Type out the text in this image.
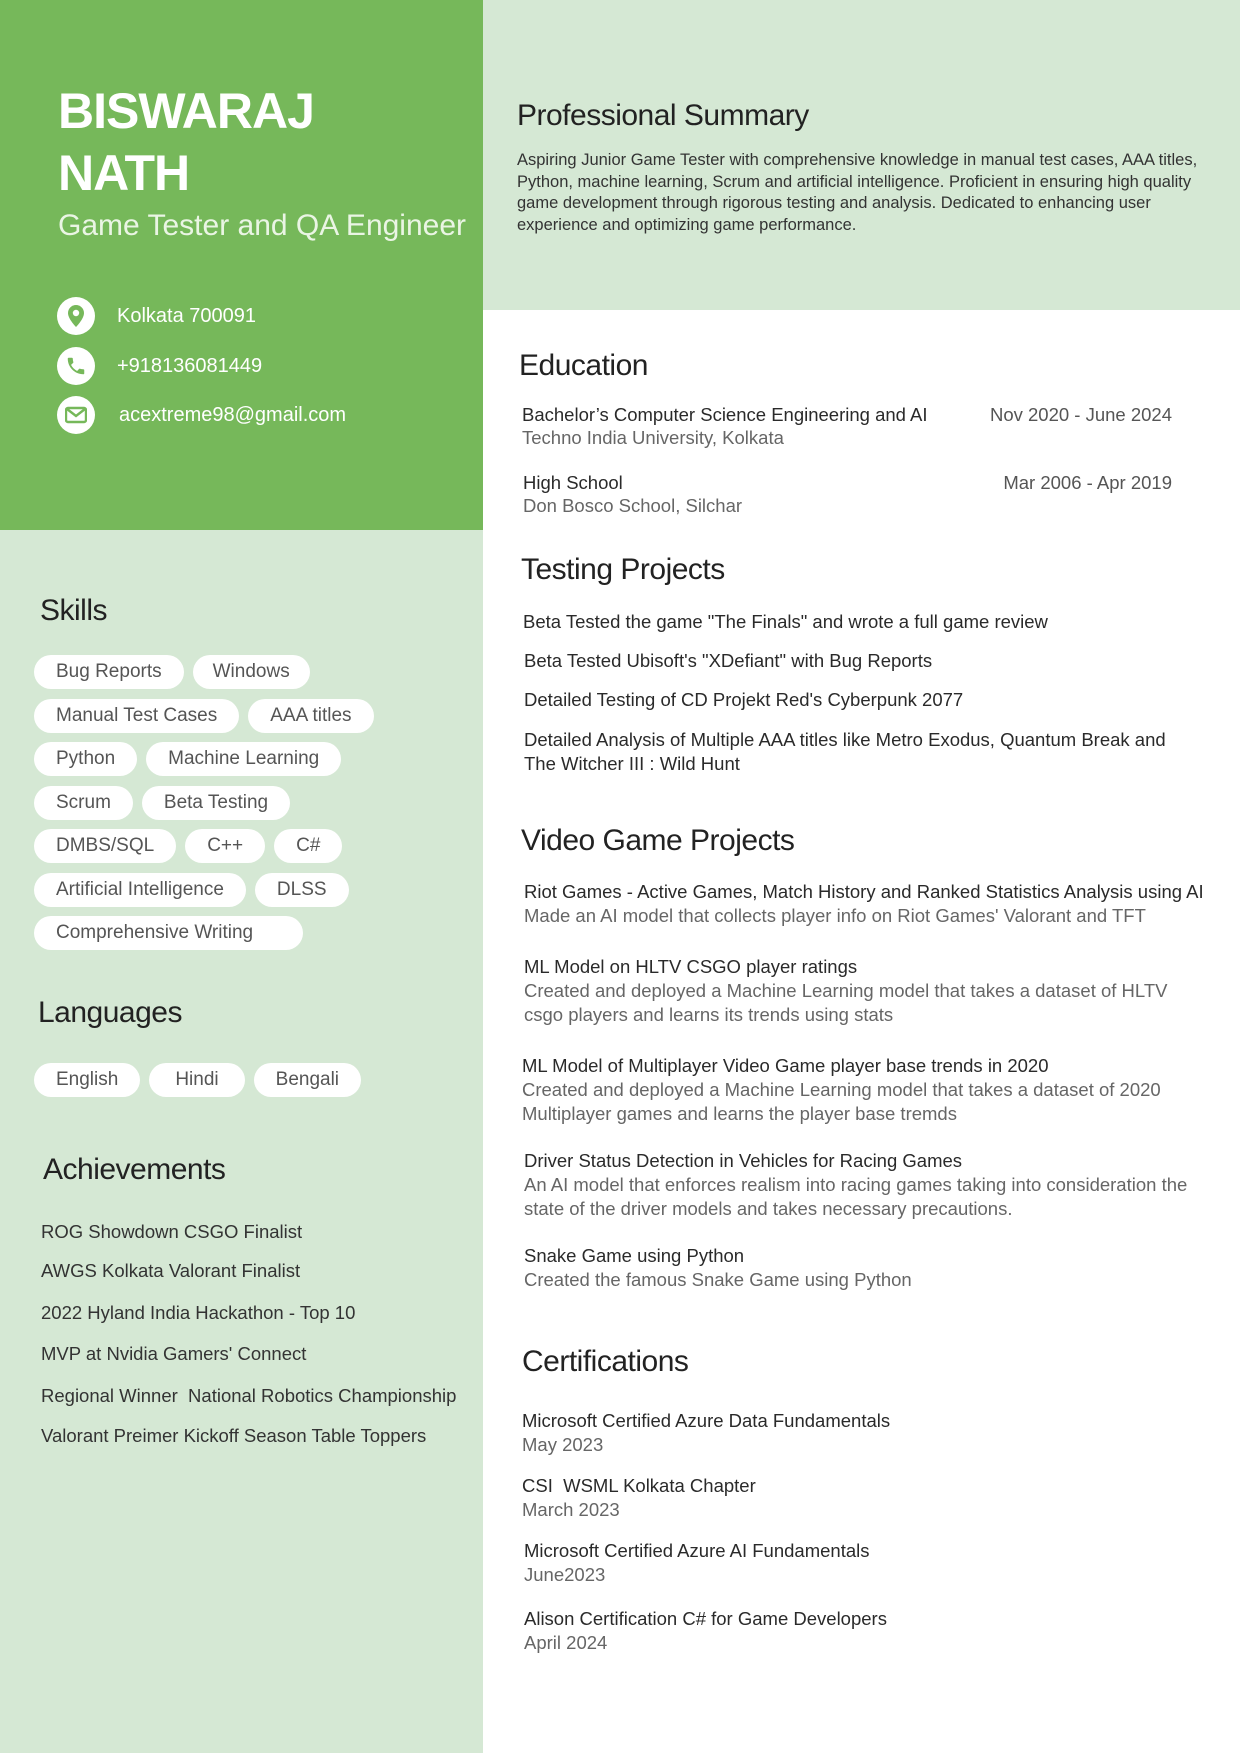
BISWARAJ
NATH
Game Tester and QA Engineer
Kolkata 700091
+918136081449
acextreme98@gmail.com
Skills
Bug Reports	Windows
Manual Test Cases	AAA titles
Python	Machine Learning
Scrum	Beta Testing
DMBS/SQL	C++	C#
Artificial Intelligence	DLSS
Comprehensive Writing
Languages
English	Hindi	Bengali
Achievements
ROG Showdown CSGO Finalist
AWGS Kolkata Valorant Finalist
2022 Hyland India Hackathon - Top 10
MVP at Nvidia Gamers' Connect
Regional Winner  National Robotics Championship
Valorant Preimer Kickoff Season Table Toppers
Professional Summary
Aspiring Junior Game Tester with comprehensive knowledge in manual test cases, AAA titles, Python, machine learning, Scrum and artificial intelligence. Proficient in ensuring high quality game development through rigorous testing and analysis. Dedicated to enhancing user experience and optimizing game performance.
Education
Bachelor’s Computer Science Engineering and AI
Techno India University, Kolkata
Nov 2020 - June 2024
High School
Don Bosco School, Silchar
Mar 2006 - Apr 2019
Testing Projects
Beta Tested the game "The Finals" and wrote a full game review
Beta Tested Ubisoft's "XDefiant" with Bug Reports
Detailed Testing of CD Projekt Red's Cyberpunk 2077
Detailed Analysis of Multiple AAA titles like Metro Exodus, Quantum Break and The Witcher III : Wild Hunt
Video Game Projects
Riot Games - Active Games, Match History and Ranked Statistics Analysis using AI
Made an AI model that collects player info on Riot Games' Valorant and TFT
ML Model on HLTV CSGO player ratings
Created and deployed a Machine Learning model that takes a dataset of HLTV csgo players and learns its trends using stats
ML Model of Multiplayer Video Game player base trends in 2020
Created and deployed a Machine Learning model that takes a dataset of 2020 Multiplayer games and learns the player base tremds
Driver Status Detection in Vehicles for Racing Games
An AI model that enforces realism into racing games taking into consideration the state of the driver models and takes necessary precautions.
Snake Game using Python
Created the famous Snake Game using Python
Certifications
Microsoft Certified Azure Data Fundamentals
May 2023
CSI  WSML Kolkata Chapter
March 2023
Microsoft Certified Azure AI Fundamentals
June2023
Alison Certification C# for Game Developers
April 2024
